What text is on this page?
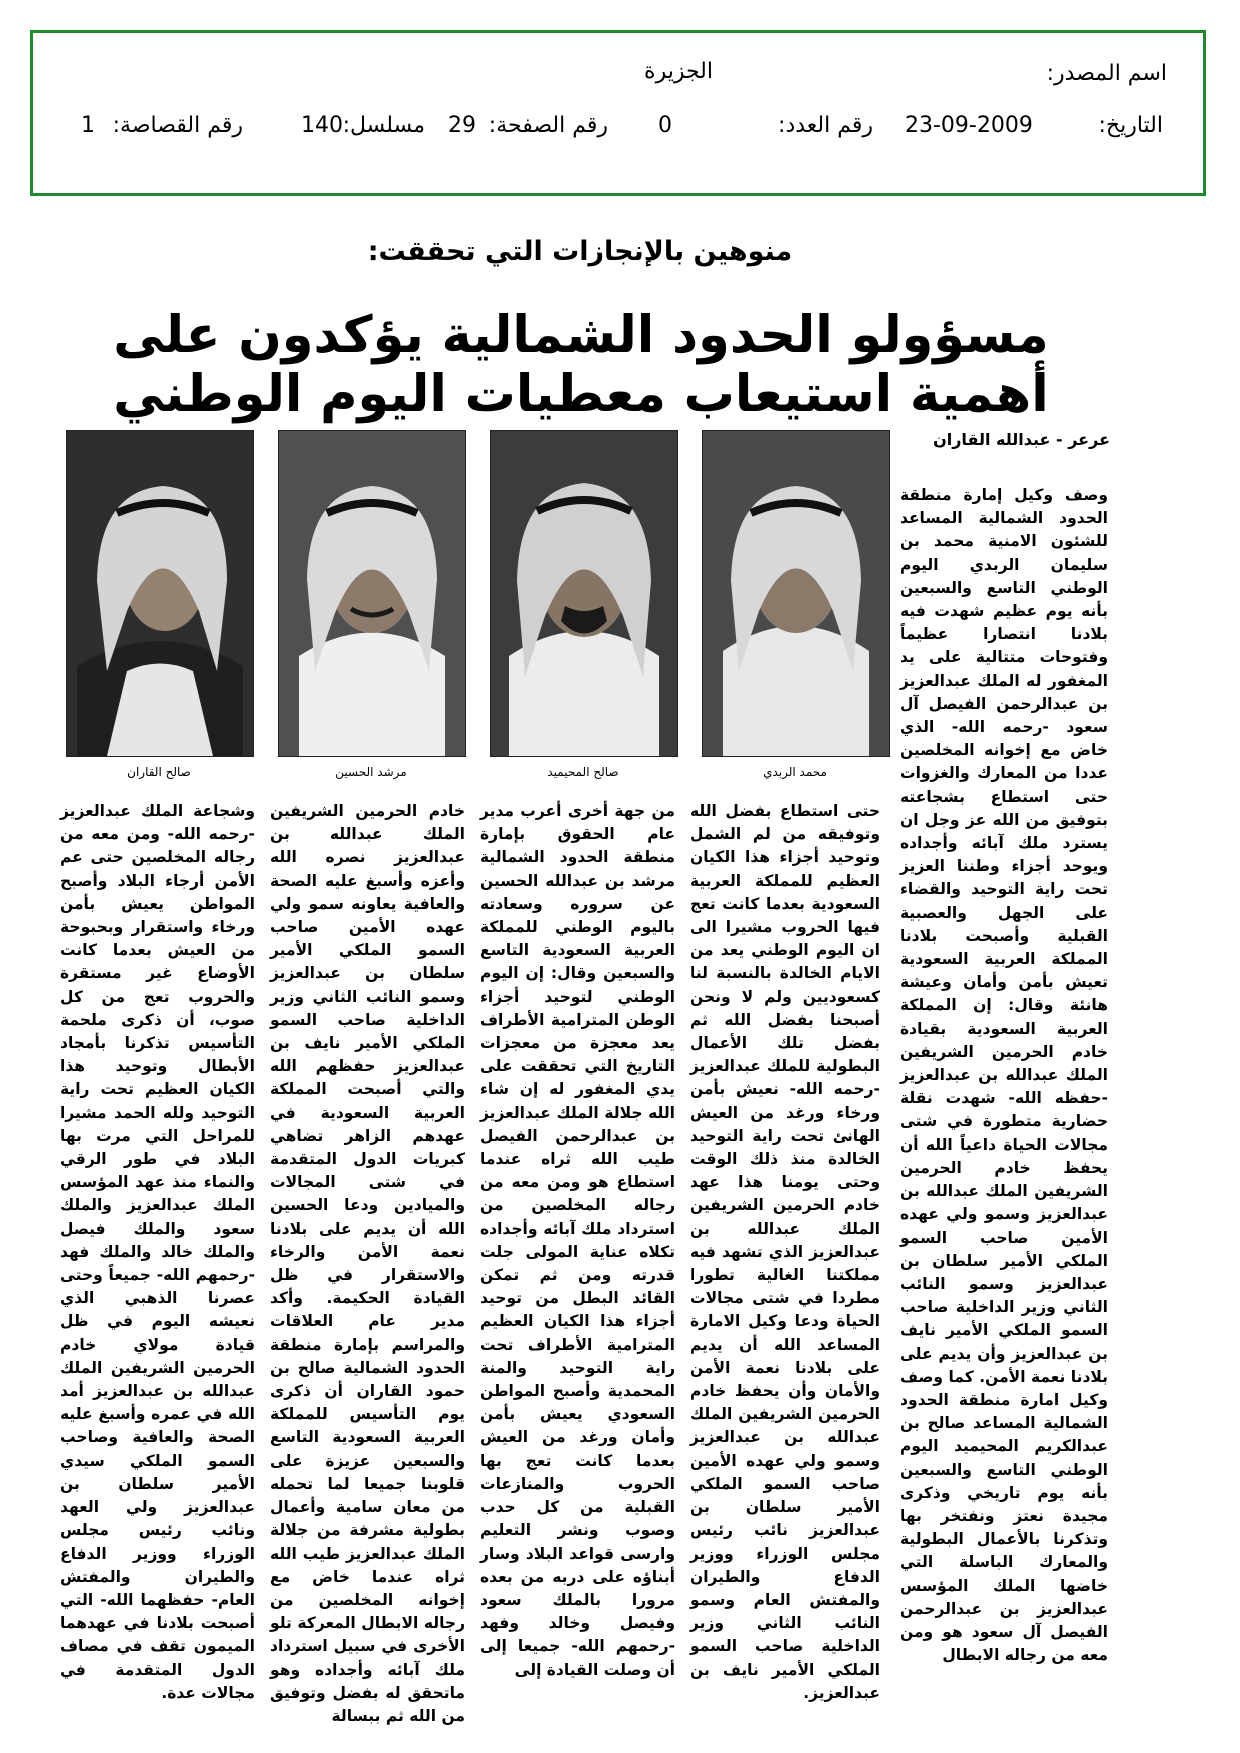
اسم المصدر:
الجزيرة
التاريخ:
23-09-2009
رقم العدد:
0
رقم الصفحة:
29
مسلسل:
140
رقم القصاصة:
1
منوهين بالإنجازات التي تحققت:
مسؤولو الحدود الشمالية يؤكدون على أهمية استيعاب معطيات اليوم الوطني
عرعر - عبدالله القاران
محمد الربدي
صالح المحيميد
مرشد الحسين
صالح القاران

وصف وكيل إمارة منطقة الحدود الشمالية المساعد للشئون الامنية محمد بن سليمان الربدي اليوم الوطني التاسع والسبعين بأنه يوم عظيم شهدت فيه بلادنا انتصارا عظيماً وفتوحات متتالية على يد المغفور له الملك عبدالعزيز بن عبدالرحمن الفيصل آل سعود -رحمه الله- الذي خاض مع إخوانه المخلصين عددا من المعارك والغزوات حتى استطاع بشجاعته بتوفيق من الله عز وجل ان يسترد ملك آبائه وأجداده ويوحد أجزاء وطننا العزيز تحت راية التوحيد والقضاء على الجهل والعصبية القبلية وأصبحت بلادنا المملكة العربية السعودية تعيش بأمن وأمان وعيشة هانئة وقال: إن المملكة العربية السعودية بقيادة خادم الحرمين الشريفين الملك عبدالله بن عبدالعزيز -حفظه الله- شهدت نقلة حضارية متطورة في شتى مجالات الحياة داعياً الله أن يحفظ خادم الحرمين الشريفين الملك عبدالله بن عبدالعزيز وسمو ولي عهده الأمين صاحب السمو الملكي الأمير سلطان بن عبدالعزيز وسمو النائب الثاني وزير الداخلية صاحب السمو الملكي الأمير نايف بن عبدالعزيز وأن يديم على بلادنا نعمة الأمن. كما وصف وكيل امارة منطقة الحدود الشمالية المساعد صالح بن عبدالكريم المحيميد اليوم الوطني التاسع والسبعين بأنه يوم تاريخي وذكرى مجيدة نعتز ونفتخر بها وتذكرنا بالأعمال البطولية والمعارك الباسلة التي خاضها الملك المؤسس عبدالعزيز بن عبدالرحمن الفيصل آل سعود هو ومن معه من رجاله الابطال

حتى استطاع بفضل الله وتوفيقه من لم الشمل وتوحيد أجزاء هذا الكيان العظيم للمملكة العربية السعودية بعدما كانت تعج فيها الحروب مشيرا الى ان اليوم الوطني يعد من الايام الخالدة بالنسبة لنا كسعوديين ولم لا ونحن أصبحنا بفضل الله ثم بفضل تلك الأعمال البطولية للملك عبدالعزيز -رحمه الله- نعيش بأمن ورخاء ورغد من العيش الهانئ تحت راية التوحيد الخالدة منذ ذلك الوقت وحتى يومنا هذا عهد خادم الحرمين الشريفين الملك عبدالله بن عبدالعزيز الذي تشهد فيه مملكتنا الغالية تطورا مطردا في شتى مجالات الحياة ودعا وكيل الامارة المساعد الله أن يديم على بلادنا نعمة الأمن والأمان وأن يحفظ خادم الحرمين الشريفين الملك عبدالله بن عبدالعزيز وسمو ولي عهده الأمين صاحب السمو الملكي الأمير سلطان بن عبدالعزيز نائب رئيس مجلس الوزراء ووزير الدفاع والطيران والمفتش العام وسمو النائب الثاني وزير الداخلية صاحب السمو الملكي الأمير نايف بن عبدالعزيز.

من جهة أخرى أعرب مدير عام الحقوق بإمارة منطقة الحدود الشمالية مرشد بن عبدالله الحسين عن سروره وسعادته باليوم الوطني للمملكة العربية السعودية التاسع والسبعين وقال: إن اليوم الوطني لتوحيد أجزاء الوطن المترامية الأطراف يعد معجزة من معجزات التاريخ التي تحققت على يدي المغفور له إن شاء الله جلالة الملك عبدالعزيز بن عبدالرحمن الفيصل طيب الله ثراه عندما استطاع هو ومن معه من رجاله المخلصين من استرداد ملك آبائه وأجداده تكلاه عناية المولى جلت قدرته ومن ثم تمكن القائد البطل من توحيد أجزاء هذا الكيان العظيم المترامية الأطراف تحت راية التوحيد والمنة المحمدية وأصبح المواطن السعودي يعيش بأمن وأمان ورغد من العيش بعدما كانت تعج بها الحروب والمنازعات القبلية من كل حدب وصوب ونشر التعليم وارسى قواعد البلاد وسار أبناؤه على دربه من بعده مرورا بالملك سعود وفيصل وخالد وفهد -رحمهم الله- جميعا إلى أن وصلت القيادة إلى

خادم الحرمين الشريفين الملك عبدالله بن عبدالعزيز نصره الله وأعزه وأسبغ عليه الصحة والعافية يعاونه سمو ولي عهده الأمين صاحب السمو الملكي الأمير سلطان بن عبدالعزيز وسمو النائب الثاني وزير الداخلية صاحب السمو الملكي الأمير نايف بن عبدالعزيز حفظهم الله والتي أصبحت المملكة العربية السعودية في عهدهم الزاهر تضاهي كبريات الدول المتقدمة في شتى المجالات والميادين ودعا الحسين الله أن يديم على بلادنا نعمة الأمن والرخاء والاستقرار في ظل القيادة الحكيمة. وأكد مدير عام العلاقات والمراسم بإمارة منطقة الحدود الشمالية صالح بن حمود القاران أن ذكرى يوم التأسيس للمملكة العربية السعودية التاسع والسبعين عزيزة على قلوبنا جميعا لما تحمله من معان سامية وأعمال بطولية مشرفة من جلالة الملك عبدالعزيز طيب الله ثراه عندما خاض مع إخوانه المخلصين من رجاله الابطال المعركة تلو الأخرى في سبيل استرداد ملك آبائه وأجداده وهو ماتحقق له بفضل وتوفيق من الله ثم ببسالة

وشجاعة الملك عبدالعزيز -رحمه الله- ومن معه من رجاله المخلصين حتى عم الأمن أرجاء البلاد وأصبح المواطن يعيش بأمن ورخاء واستقرار وبحبوحة من العيش بعدما كانت الأوضاع غير مستقرة والحروب تعج من كل صوب، أن ذكرى ملحمة التأسيس تذكرنا بأمجاد الأبطال وتوحيد هذا الكيان العظيم تحت راية التوحيد ولله الحمد مشيرا للمراحل التي مرت بها البلاد في طور الرقي والنماء منذ عهد المؤسس الملك عبدالعزيز والملك سعود والملك فيصل والملك خالد والملك فهد -رحمهم الله- جميعاً وحتى عصرنا الذهبي الذي نعيشه اليوم في ظل قيادة مولاي خادم الحرمين الشريفين الملك عبدالله بن عبدالعزيز أمد الله في عمره وأسبغ عليه الصحة والعافية وصاحب السمو الملكي سيدي الأمير سلطان بن عبدالعزيز ولي العهد ونائب رئيس مجلس الوزراء ووزير الدفاع والطيران والمفتش العام- حفظهما الله- التي أصبحت بلادنا في عهدهما الميمون تقف في مصاف الدول المتقدمة في مجالات عدة.
